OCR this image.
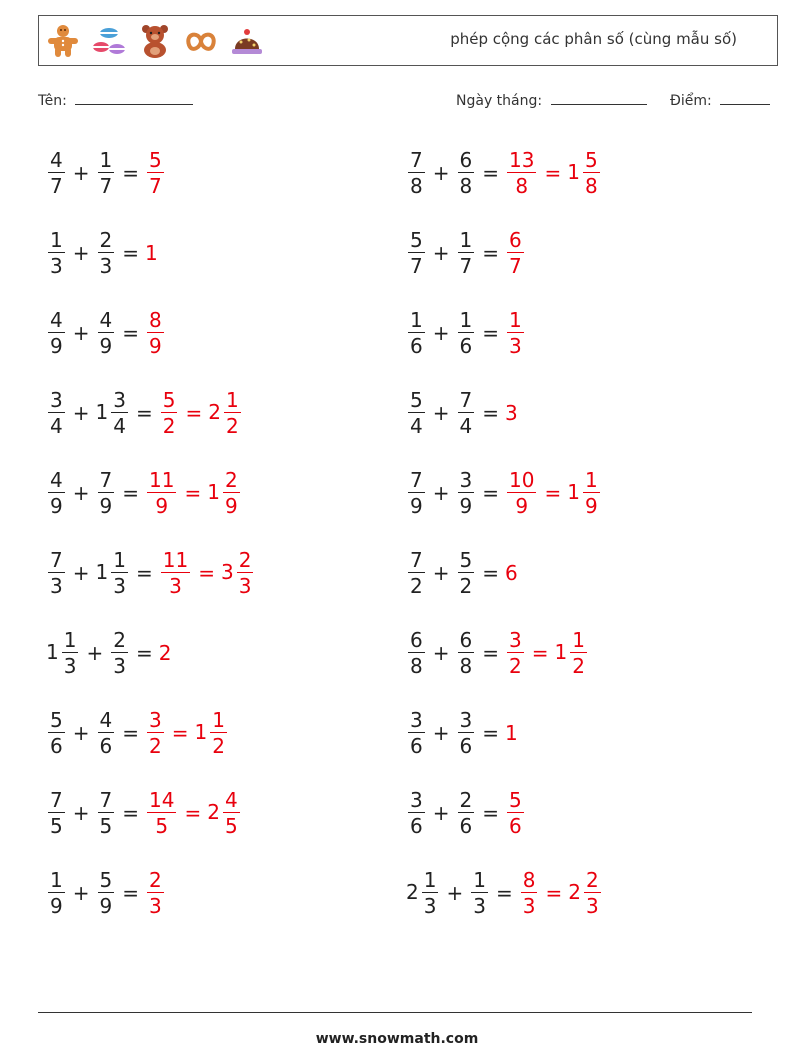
phép cộng các phân số (cùng mẫu số)
Tên:	Ngày tháng:	Điểm:
$\frac{4}{7} + \frac{1}{7} = \frac{5}{7}$	$\frac{7}{8} + \frac{6}{8} = \frac{13}{8} = 1 \frac{5}{8}$
$\frac{1}{3} + \frac{2}{3} = 1$	$\frac{5}{7} + \frac{1}{7} = \frac{6}{7}$
$\frac{4}{9} + \frac{4}{9} = \frac{8}{9}$	$\frac{1}{6} + \frac{1}{6} = \frac{1}{3}$
$\frac{3}{4} + 1 \frac{3}{4} = \frac{5}{2} = 2 \frac{1}{2}$	$\frac{5}{4} + \frac{7}{4} = 3$
$\frac{4}{9} + \frac{7}{9} = \frac{11}{9} = 1 \frac{2}{9}$	$\frac{7}{9} + \frac{3}{9} = \frac{10}{9} = 1 \frac{1}{9}$
$\frac{7}{3} + 1 \frac{1}{3} = \frac{11}{3} = 3 \frac{2}{3}$	$\frac{7}{2} + \frac{5}{2} = 6$
$1 \frac{1}{3} + \frac{2}{3} = 2$	$\frac{6}{8} + \frac{6}{8} = \frac{3}{2} = 1 \frac{1}{2}$
$\frac{5}{6} + \frac{4}{6} = \frac{3}{2} = 1 \frac{1}{2}$	$\frac{3}{6} + \frac{3}{6} = 1$
$\frac{7}{5} + \frac{7}{5} = \frac{14}{5} = 2 \frac{4}{5}$	$\frac{3}{6} + \frac{2}{6} = \frac{5}{6}$
$\frac{1}{9} + \frac{5}{9} = \frac{2}{3}$	$2 \frac{1}{3} + \frac{1}{3} = \frac{8}{3} = 2 \frac{2}{3}$
www.snowmath.com
